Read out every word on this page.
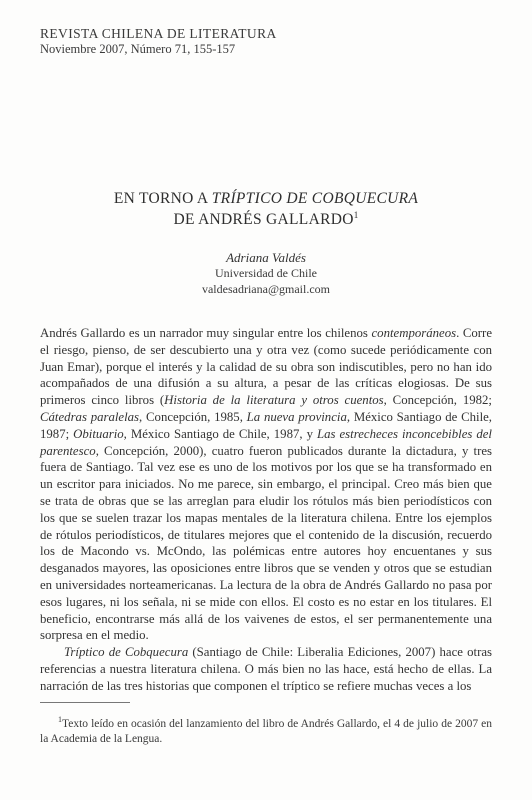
REVISTA CHILENA DE LITERATURA
Noviembre 2007, Número 71, 155-157
EN TORNO A TRÍPTICO DE COBQUECURA
DE ANDRÉS GALLARDO$^1$
Adriana Valdés
Universidad de Chile
valdesadriana@gmail.com

Andrés Gallardo es un narrador muy singular entre los chilenos contemporáneos. Corre el riesgo, pienso, de ser descubierto una y otra vez (como sucede periódicamente con Juan Emar), porque el interés y la calidad de su obra son indiscutibles, pero no han ido acompañados de una difusión a su altura, a pesar de las críticas elogiosas. De sus primeros cinco libros (Historia de la literatura y otros cuentos, Concepción, 1982; Cátedras paralelas, Concepción, 1985, La nueva provincia, México Santiago de Chile, 1987; Obituario, México Santiago de Chile, 1987, y Las estrecheces inconcebibles del parentesco, Concepción, 2000), cuatro fueron publicados durante la dictadura, y tres fuera de Santiago. Tal vez ese es uno de los motivos por los que se ha transformado en un escritor para iniciados. No me parece, sin embargo, el principal. Creo más bien que se trata de obras que se las arreglan para eludir los rótulos más bien periodísticos con los que se suelen trazar los mapas mentales de la literatura chilena. Entre los ejemplos de rótulos periodísticos, de titulares mejores que el contenido de la discusión, recuerdo los de Macondo vs. McOndo, las polémicas entre autores hoy encuentanes y sus desganados mayores, las oposiciones entre libros que se venden y otros que se estudian en universidades norteamericanas. La lectura de la obra de Andrés Gallardo no pasa por esos lugares, ni los señala, ni se mide con ellos. El costo es no estar en los titulares. El beneficio, encontrarse más allá de los vaivenes de estos, el ser permanentemente una sorpresa en el medio.

Tríptico de Cobquecura (Santiago de Chile: Liberalia Ediciones, 2007) hace otras referencias a nuestra literatura chilena. O más bien no las hace, está hecho de ellas. La narración de las tres historias que componen el tríptico se refiere muchas veces a los

$^1$Texto leído en ocasión del lanzamiento del libro de Andrés Gallardo, el 4 de julio de 2007 en la Academia de la Lengua.
